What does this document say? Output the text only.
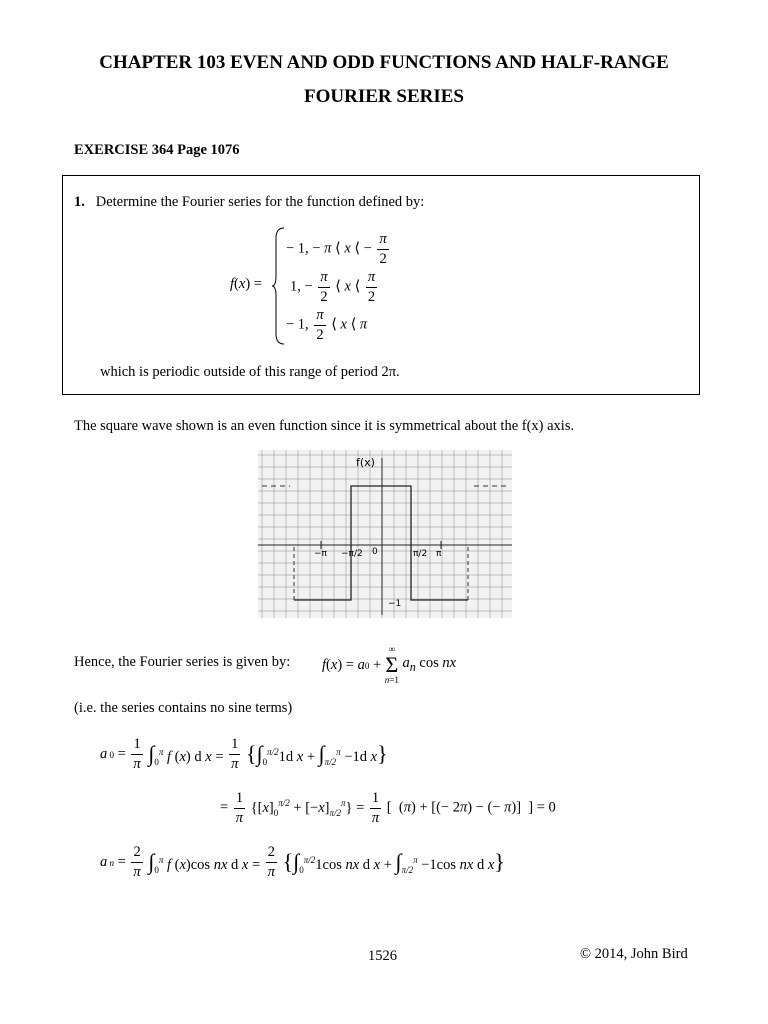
CHAPTER 103 EVEN AND ODD FUNCTIONS AND HALF-RANGE
FOURIER SERIES
EXERCISE 364 Page 1076
1. Determine the Fourier series for the function defined by:
f(x) =
− 1, − π ⟨ x ⟨ − $\frac{\pi}{2}$
1, − $\frac{\pi}{2}$ ⟨ x ⟨ $\frac{\pi}{2}$
− 1, $\frac{\pi}{2}$ ⟨ x ⟨ π
which is periodic outside of this range of period 2π.
The square wave shown is an even function since it is symmetrical about the f(x) axis.
f(x)
0
−π −π/2	π/2 π
−1
Hence, the Fourier series is given by: f(x) = a0 +
∞
Σ
n=1
$a_n$ cos nx
(i.e. the series contains no sine terms)
a $0 = \frac{1}{\pi} \int_0^\pi$ f (x) d $x = \frac{1}{\pi} \{\int_0^{\pi/2}1d$ $x + \int_{\pi/2}^\pi -1d$ x}
= $\frac{1}{\pi} \{[x]_0^{\pi/2} + [-x]_{\pi/2}^\pi\} = \frac{1}{\pi}$ [  (π) + [(− 2π) − (− π)]  ] = 0
a $n = \frac{2}{\pi} \int_0^\pi$ f (x)cos nx d $x = \frac{2}{\pi} \{\int_0^{\pi/2}1\cos$ nx d $x + \int_{\pi/2}^\pi -1\cos$ nx d x}
1526	© 2014, John Bird
